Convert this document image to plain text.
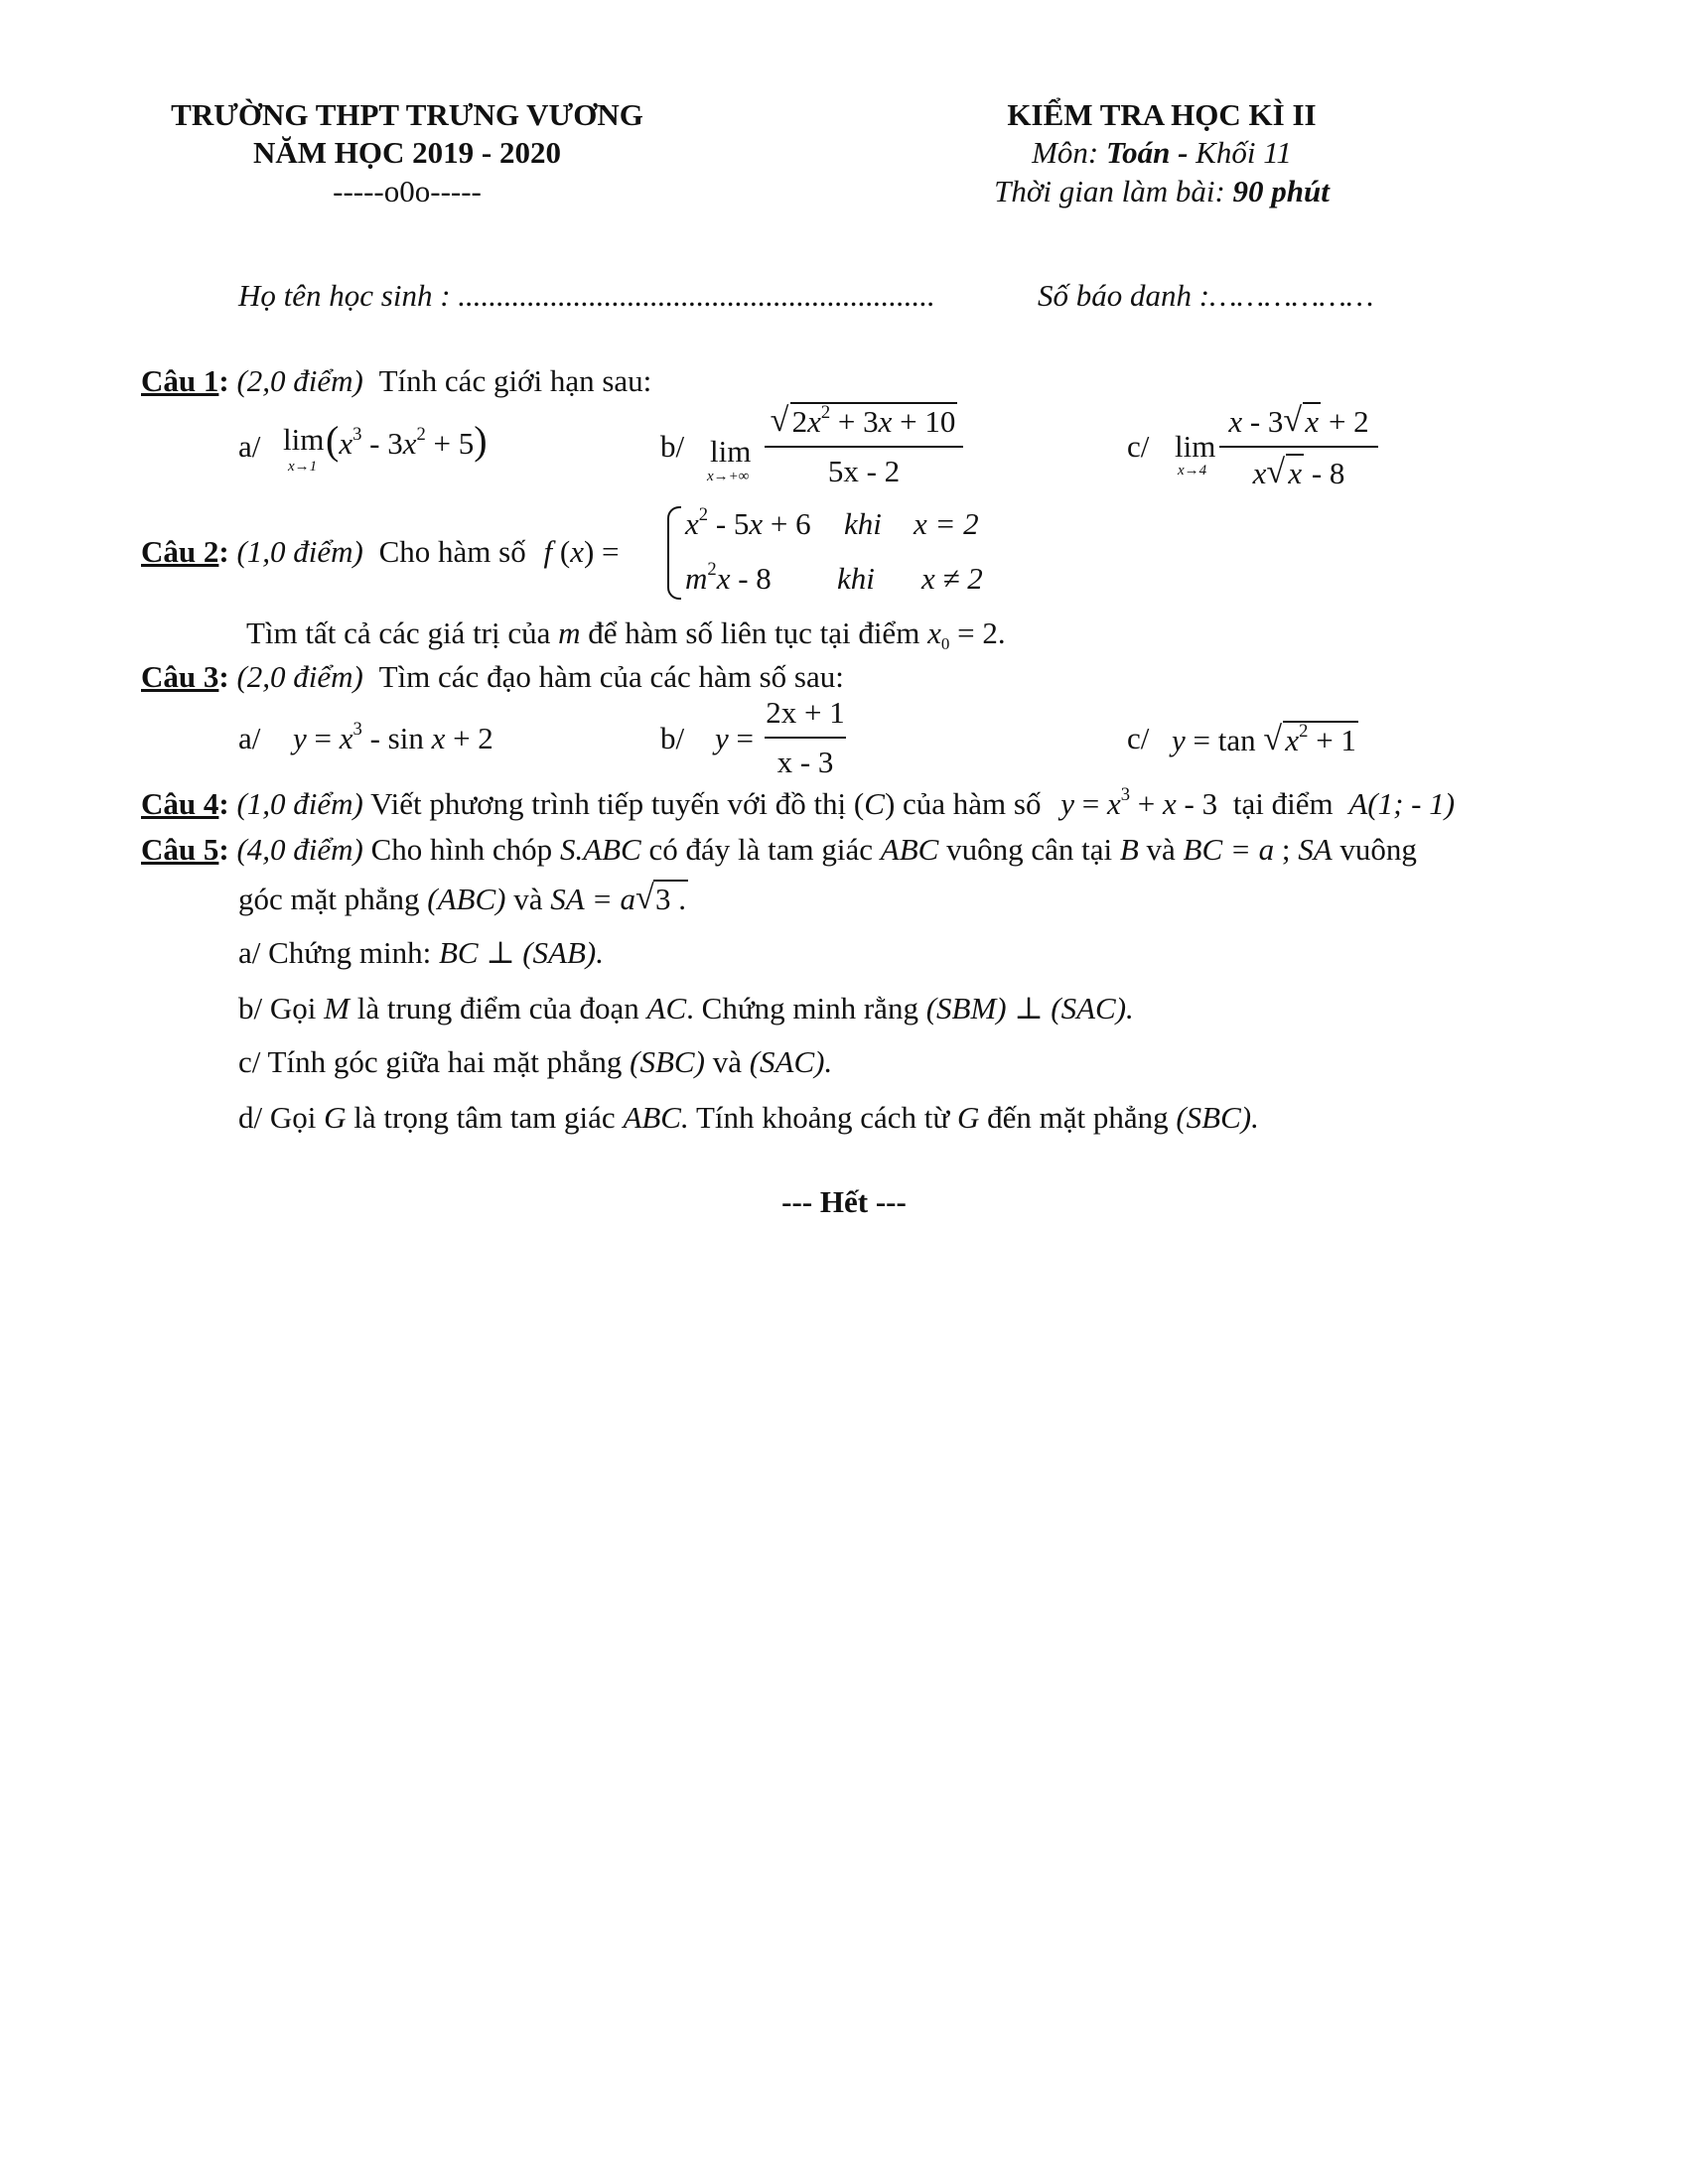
TRƯỜNG THPT TRƯNG VƯƠNG
NĂM HỌC 2019 - 2020
-----o0o-----
KIỂM TRA HỌC KÌ II
Môn: Toán - Khối 11
Thời gian làm bài: 90 phút
Họ tên học sinh : ..............................................................	Số báo danh :………………
Câu 1: (2,0 điểm) Tính các giới hạn sau:
a/ lim
x→1
$(x^3 - 3x^2 + 5)$	b/ lim
x→+∞
√ $2x^2 + 3x + 10$
5x - 2
c/ lim
x→4
x - 3 √ x + 2
x √ x - 8
Câu 2: (1,0 điểm) Cho hàm số f (x) =
$x^2 - 5x + 6$ khi x = 2
$m^2x - 8$ khi x ≠ 2
Tìm tất cả các giá trị của m để hàm số liên tục tại điểm $x_0 = 2$.
Câu 3: (2,0 điểm) Tìm các đạo hàm của các hàm số sau:
a/ $y = x^3 - \sin x + 2$	b/ y =
2x + 1
x - 3
c/ y = tan √ $x^2 + 1$
Câu 4: (1,0 điểm) Viết phương trình tiếp tuyến với đồ thị (C) của hàm số $y = x^3 + x - 3$ tại điểm A(1; - 1)
Câu 5: (4,0 điểm) Cho hình chóp S.ABC có đáy là tam giác ABC vuông cân tại B và BC = a ; SA vuông
góc mặt phẳng (ABC) và SA = a √ 3 .
a/ Chứng minh: BC ⊥ (SAB).
b/ Gọi M là trung điểm của đoạn AC. Chứng minh rằng (SBM) ⊥ (SAC).
c/ Tính góc giữa hai mặt phẳng (SBC) và (SAC).
d/ Gọi G là trọng tâm tam giác ABC. Tính khoảng cách từ G đến mặt phẳng (SBC).
--- Hết ---
